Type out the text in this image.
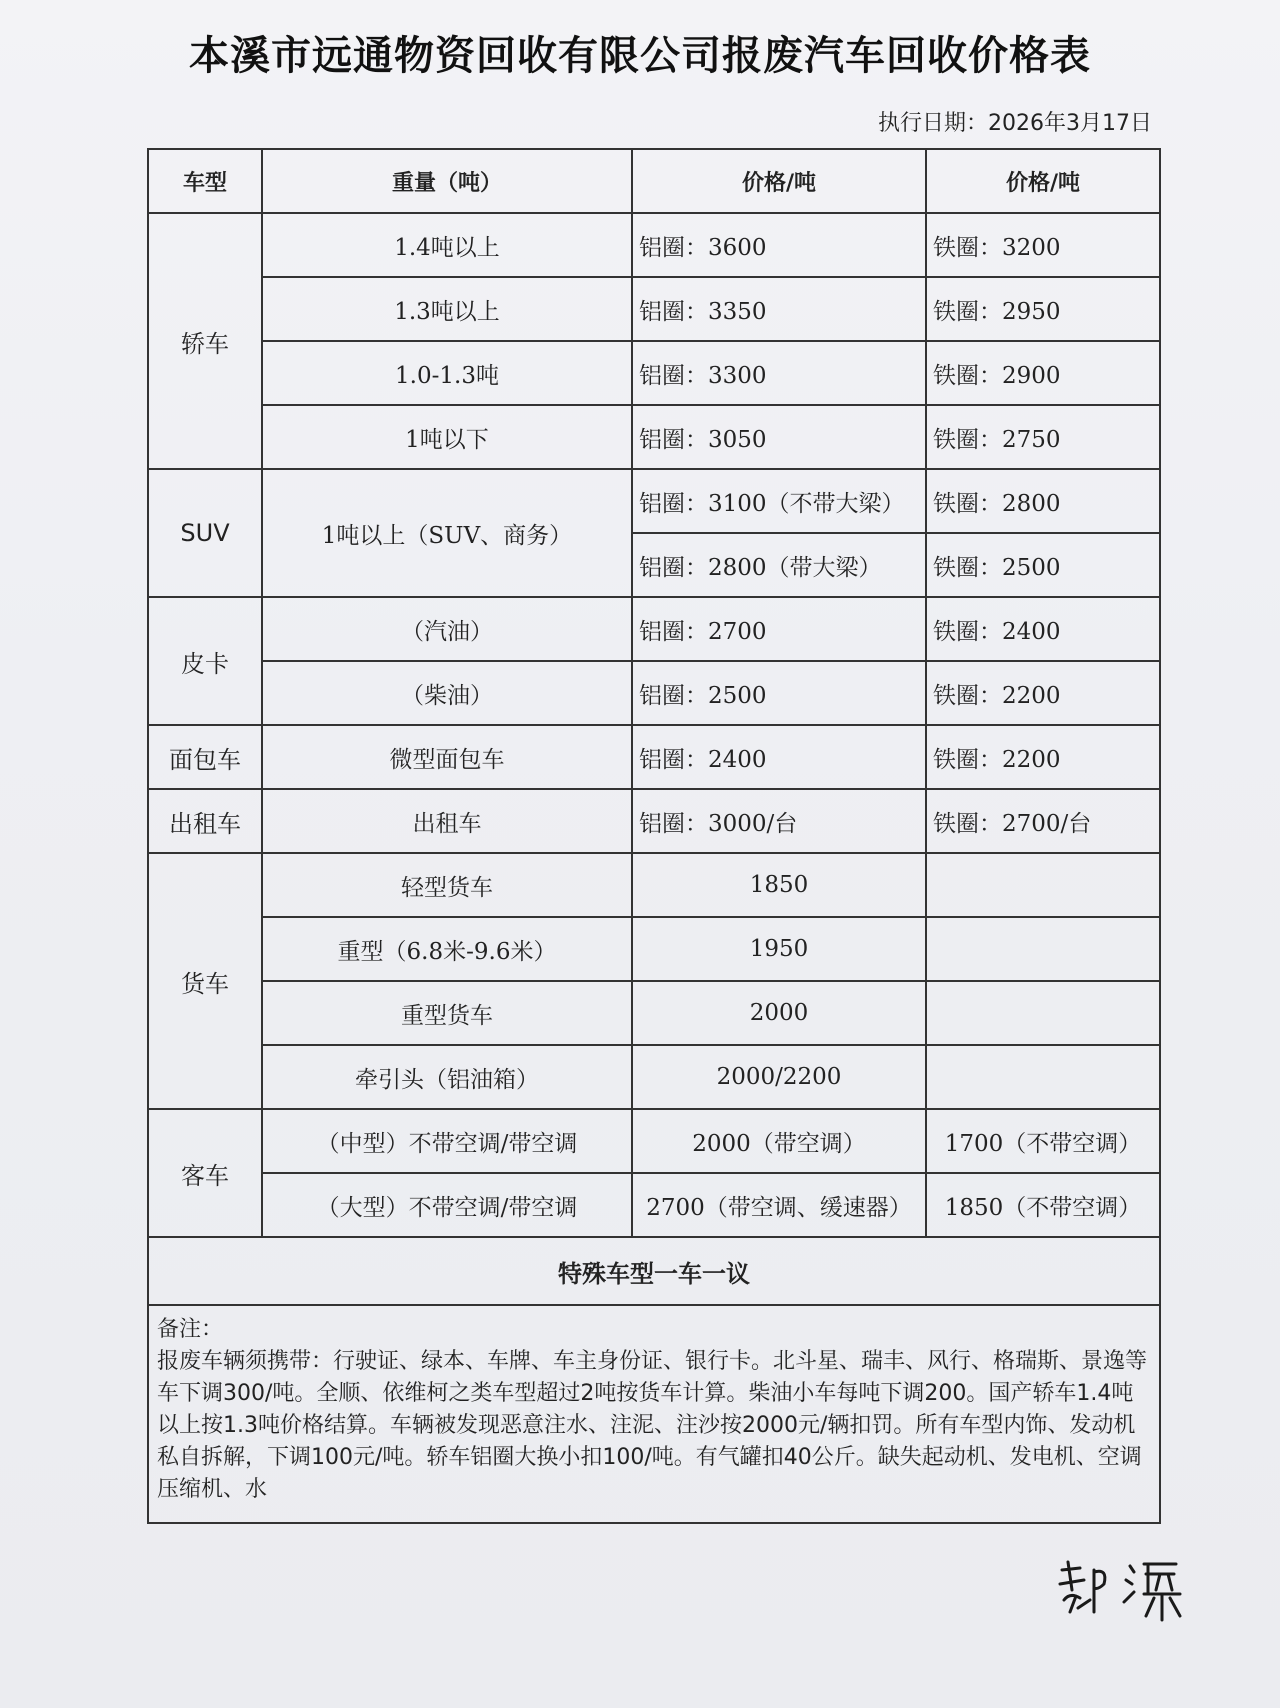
本溪市远通物资回收有限公司报废汽车回收价格表
执行日期：2026年3月17日
车型	重量（吨）	价格/吨	价格/吨
轿车	1.4吨以上	铝圈：3600	铁圈：3200
	1.3吨以上	铝圈：3350	铁圈：2950
	1.0-1.3吨	铝圈：3300	铁圈：2900
	1吨以下	铝圈：3050	铁圈：2750
SUV	1吨以上（SUV、商务）	铝圈：3100（不带大梁）	铁圈：2800
		铝圈：2800（带大梁）	铁圈：2500
皮卡	（汽油）	铝圈：2700	铁圈：2400
	（柴油）	铝圈：2500	铁圈：2200
面包车	微型面包车	铝圈：2400	铁圈：2200
出租车	出租车	铝圈：3000/台	铁圈：2700/台
货车	轻型货车	1850	
	重型（6.8米-9.6米）	1950	
	重型货车	2000	
	牵引头（铝油箱）	2000/2200	
客车	（中型）不带空调/带空调	2000（带空调）	1700（不带空调）
	（大型）不带空调/带空调	2700（带空调、缓速器）	1850（不带空调）
特殊车型一车一议			

备注：
报废车辆须携带：行驶证、绿本、车牌、车主身份证、银行卡。北斗星、瑞丰、风行、格瑞斯、景逸等车下调300/吨。全顺、依维柯之类车型超过2吨按货车计算。柴油小车每吨下调200。国产轿车1.4吨以上按1.3吨价格结算。车辆被发现恶意注水、注泥、注沙按2000元/辆扣罚。所有车型内饰、发动机私自拆解，下调100元/吨。轿车铝圈大换小扣100/吨。有气罐扣40公斤。缺失起动机、发电机、空调压缩机、水			
